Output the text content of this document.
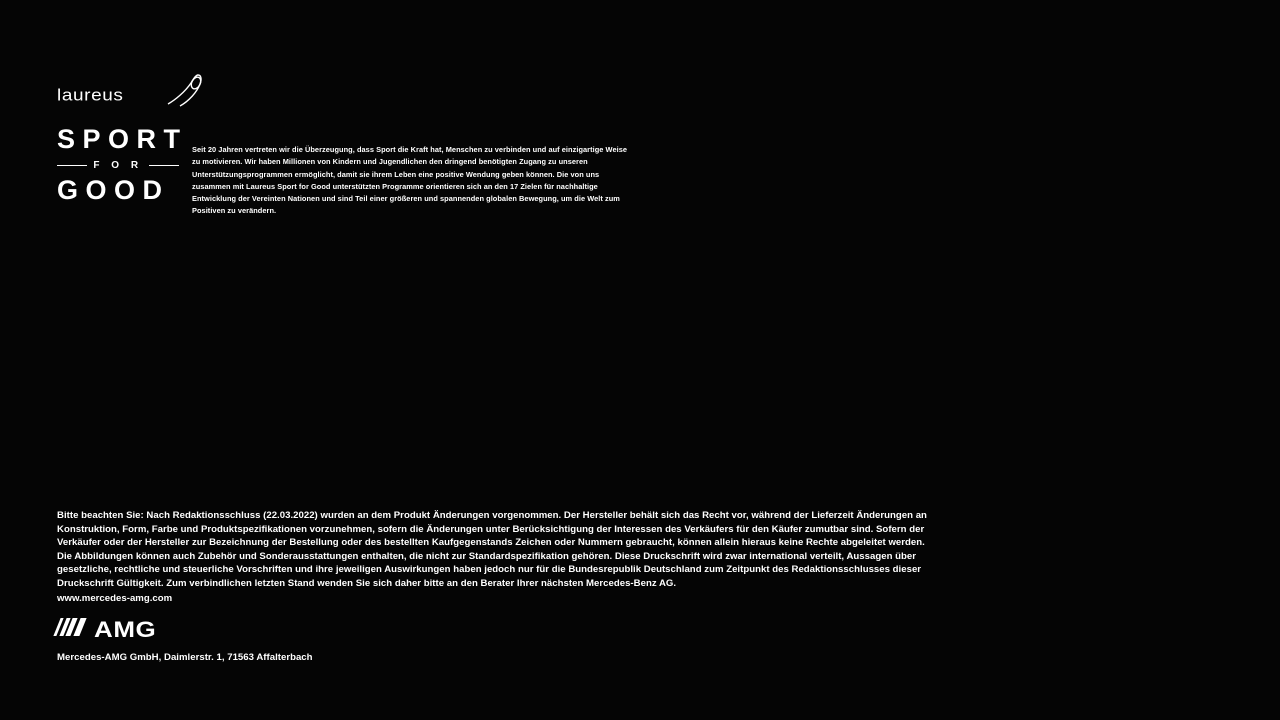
laureus
SPORT
F O R
GOOD
Seit 20 Jahren vertreten wir die Überzeugung, dass Sport die Kraft hat, Menschen zu verbinden und auf einzigartige Weise zu motivieren. Wir haben Millionen von Kindern und Jugendlichen den dringend benötigten Zugang zu unseren Unterstützungsprogrammen ermöglicht, damit sie ihrem Leben eine positive Wendung geben können. Die von uns zusammen mit Laureus Sport for Good unterstützten Programme orientieren sich an den 17 Zielen für nachhaltige Entwicklung der Vereinten Nationen und sind Teil einer größeren und spannenden globalen Bewegung, um die Welt zum Positiven zu verändern.
Bitte beachten Sie: Nach Redaktionsschluss (22.03.2022) wurden an dem Produkt Änderungen vorgenommen. Der Hersteller behält sich das Recht vor, während der Lieferzeit Änderungen an Konstruktion, Form, Farbe und Produktspezifikationen vorzunehmen, sofern die Änderungen unter Berücksichtigung der Interessen des Verkäufers für den Käufer zumutbar sind. Sofern der Verkäufer oder der Hersteller zur Bezeichnung der Bestellung oder des bestellten Kaufgegenstands Zeichen oder Nummern gebraucht, können allein hieraus keine Rechte abgeleitet werden. Die Abbildungen können auch Zubehör und Sonderausstattungen enthalten, die nicht zur Standardspezifikation gehören. Diese Druckschrift wird zwar international verteilt, Aussagen über gesetzliche, rechtliche und steuerliche Vorschriften und ihre jeweiligen Auswirkungen haben jedoch nur für die Bundesrepublik Deutschland zum Zeitpunkt des Redaktionsschlusses dieser Druckschrift Gültigkeit. Zum verbindlichen letzten Stand wenden Sie sich daher bitte an den Berater Ihrer nächsten Mercedes-Benz AG.
www.mercedes-amg.com
AMG
Mercedes-AMG GmbH, Daimlerstr. 1, 71563 Affalterbach
